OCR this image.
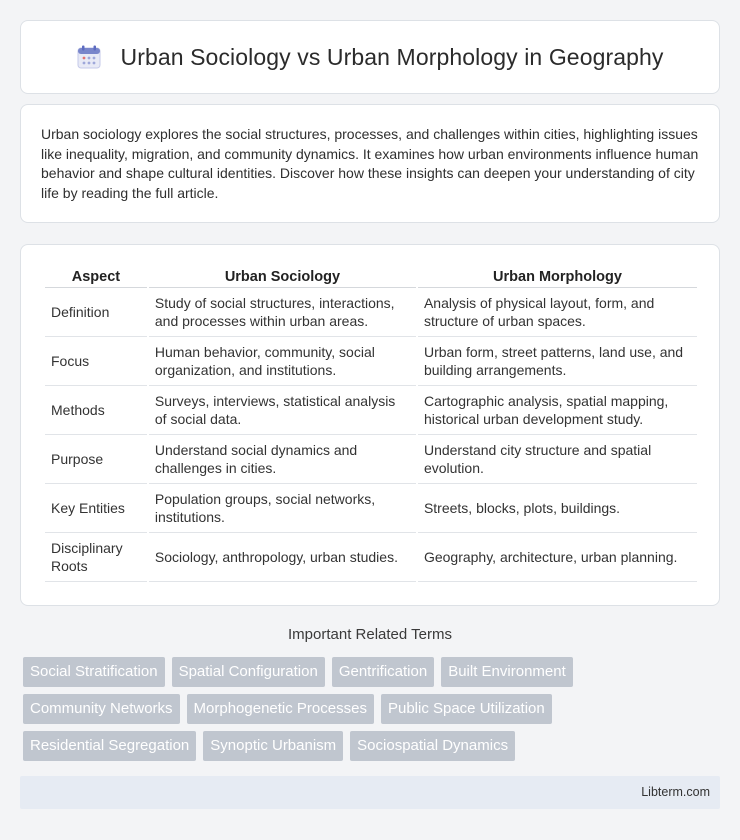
Urban Sociology vs Urban Morphology in Geography

Urban sociology explores the social structures, processes, and challenges within cities, highlighting issues like inequality, migration, and community dynamics. It examines how urban environments influence human behavior and shape cultural identities. Discover how these insights can deepen your understanding of city life by reading the full article.

Aspect	Urban Sociology	Urban Morphology
Definition	Study of social structures, interactions, and processes within urban areas.	Analysis of physical layout, form, and structure of urban spaces.
Focus	Human behavior, community, social organization, and institutions.	Urban form, street patterns, land use, and building arrangements.
Methods	Surveys, interviews, statistical analysis of social data.	Cartographic analysis, spatial mapping, historical urban development study.
Purpose	Understand social dynamics and challenges in cities.	Understand city structure and spatial evolution.
Key Entities	Population groups, social networks, institutions.	Streets, blocks, plots, buildings.
Disciplinary Roots	Sociology, anthropology, urban studies.	Geography, architecture, urban planning.
Important Related Terms
Social Stratification	Spatial Configuration	Gentrification	Built Environment
Community Networks	Morphogenetic Processes	Public Space Utilization
Residential Segregation	Synoptic Urbanism	Sociospatial Dynamics
Libterm.com
